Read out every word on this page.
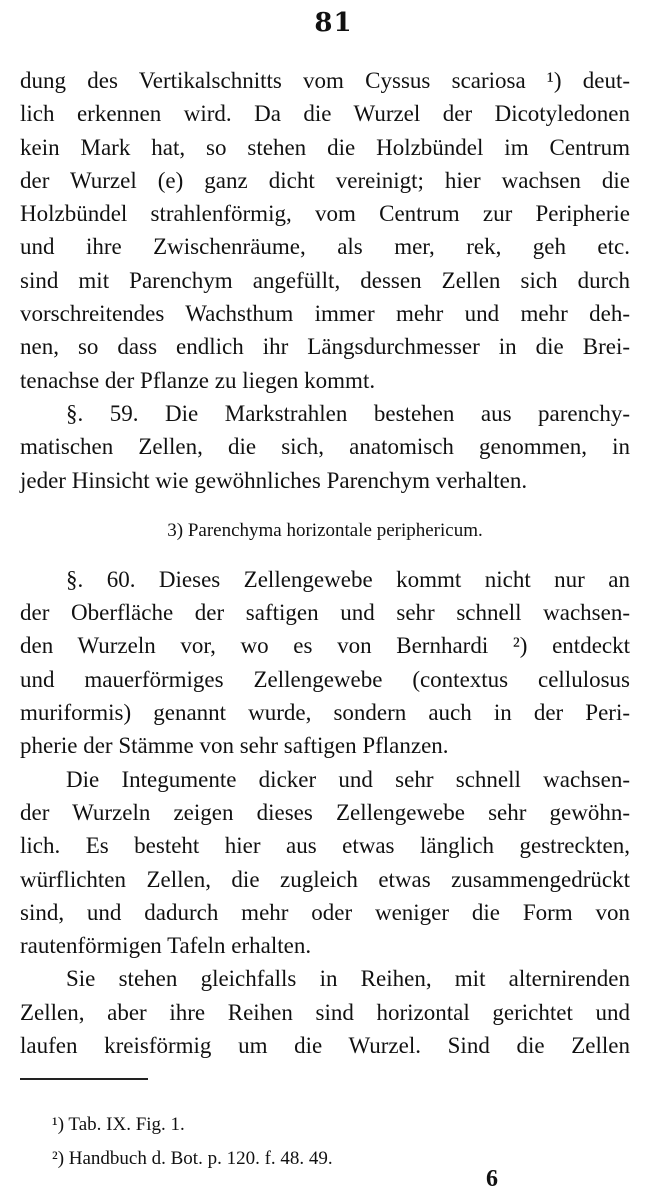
81
dung des Vertikalschnitts vom Cyssus scariosa ¹) deut-
lich erkennen wird. Da die Wurzel der Dicotyledonen
kein Mark hat, so stehen die Holzbündel im Centrum
der Wurzel (e) ganz dicht vereinigt; hier wachsen die
Holzbündel strahlenförmig, vom Centrum zur Peripherie
und ihre Zwischenräume, als mer, rek, geh etc.
sind mit Parenchym angefüllt, dessen Zellen sich durch
vorschreitendes Wachsthum immer mehr und mehr deh-
nen, so dass endlich ihr Längsdurchmesser in die Brei-
tenachse der Pflanze zu liegen kommt.
§. 59. Die Markstrahlen bestehen aus parenchy-
matischen Zellen, die sich, anatomisch genommen, in
jeder Hinsicht wie gewöhnliches Parenchym verhalten.
3) Parenchyma horizontale periphericum.
§. 60. Dieses Zellengewebe kommt nicht nur an
der Oberfläche der saftigen und sehr schnell wachsen-
den Wurzeln vor, wo es von Bernhardi ²) entdeckt
und mauerförmiges Zellengewebe (contextus cellulosus
muriformis) genannt wurde, sondern auch in der Peri-
pherie der Stämme von sehr saftigen Pflanzen.
Die Integumente dicker und sehr schnell wachsen-
der Wurzeln zeigen dieses Zellengewebe sehr gewöhn-
lich. Es besteht hier aus etwas länglich gestreckten,
würflichten Zellen, die zugleich etwas zusammengedrückt
sind, und dadurch mehr oder weniger die Form von
rautenförmigen Tafeln erhalten.
Sie stehen gleichfalls in Reihen, mit alternirenden
Zellen, aber ihre Reihen sind horizontal gerichtet und
laufen kreisförmig um die Wurzel. Sind die Zellen
¹) Tab. IX. Fig. 1.
²) Handbuch d. Bot. p. 120. f. 48. 49.
6
